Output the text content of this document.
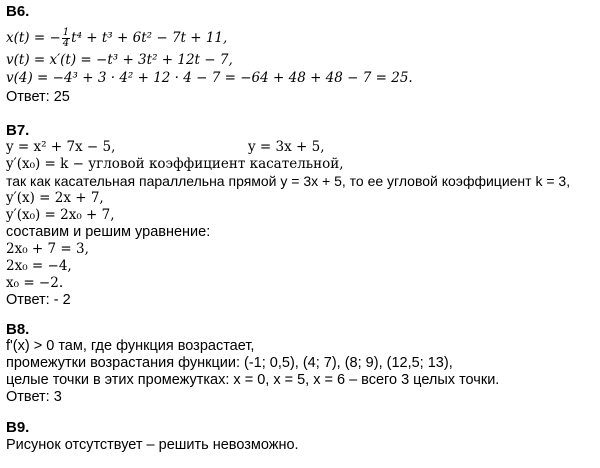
B6.
x(t) = − $\frac{1}{4} t^4 + t^3 + 6t^2 - 7t + 11$,
v(t) = x′(t) = −t³ + 3t² + 12t − 7,
v(4) = −4³ + 3 · 4² + 12 · 4 − 7 = −64 + 48 + 48 − 7 = 25.
Ответ: 25
B7.
y = x² + 7x − 5,	y = 3x + 5,
y′(x₀) = k − угловой коэффициент касательной,
так как касательная параллельна прямой y = 3x + 5, то ее угловой коэффициент k = 3,
y′(x) = 2x + 7,
y′(x₀) = 2x₀ + 7,
составим и решим уравнение:
2x₀ + 7 = 3,
2x₀ = −4,
x₀ = −2.
Ответ: - 2
B8.
f'(x) > 0 там, где функция возрастает,
промежутки возрастания функции: (-1; 0,5), (4; 7), (8; 9), (12,5; 13),
целые точки в этих промежутках: x = 0, x = 5, x = 6 – всего 3 целых точки.
Ответ: 3
B9.
Рисунок отсутствует – решить невозможно.
